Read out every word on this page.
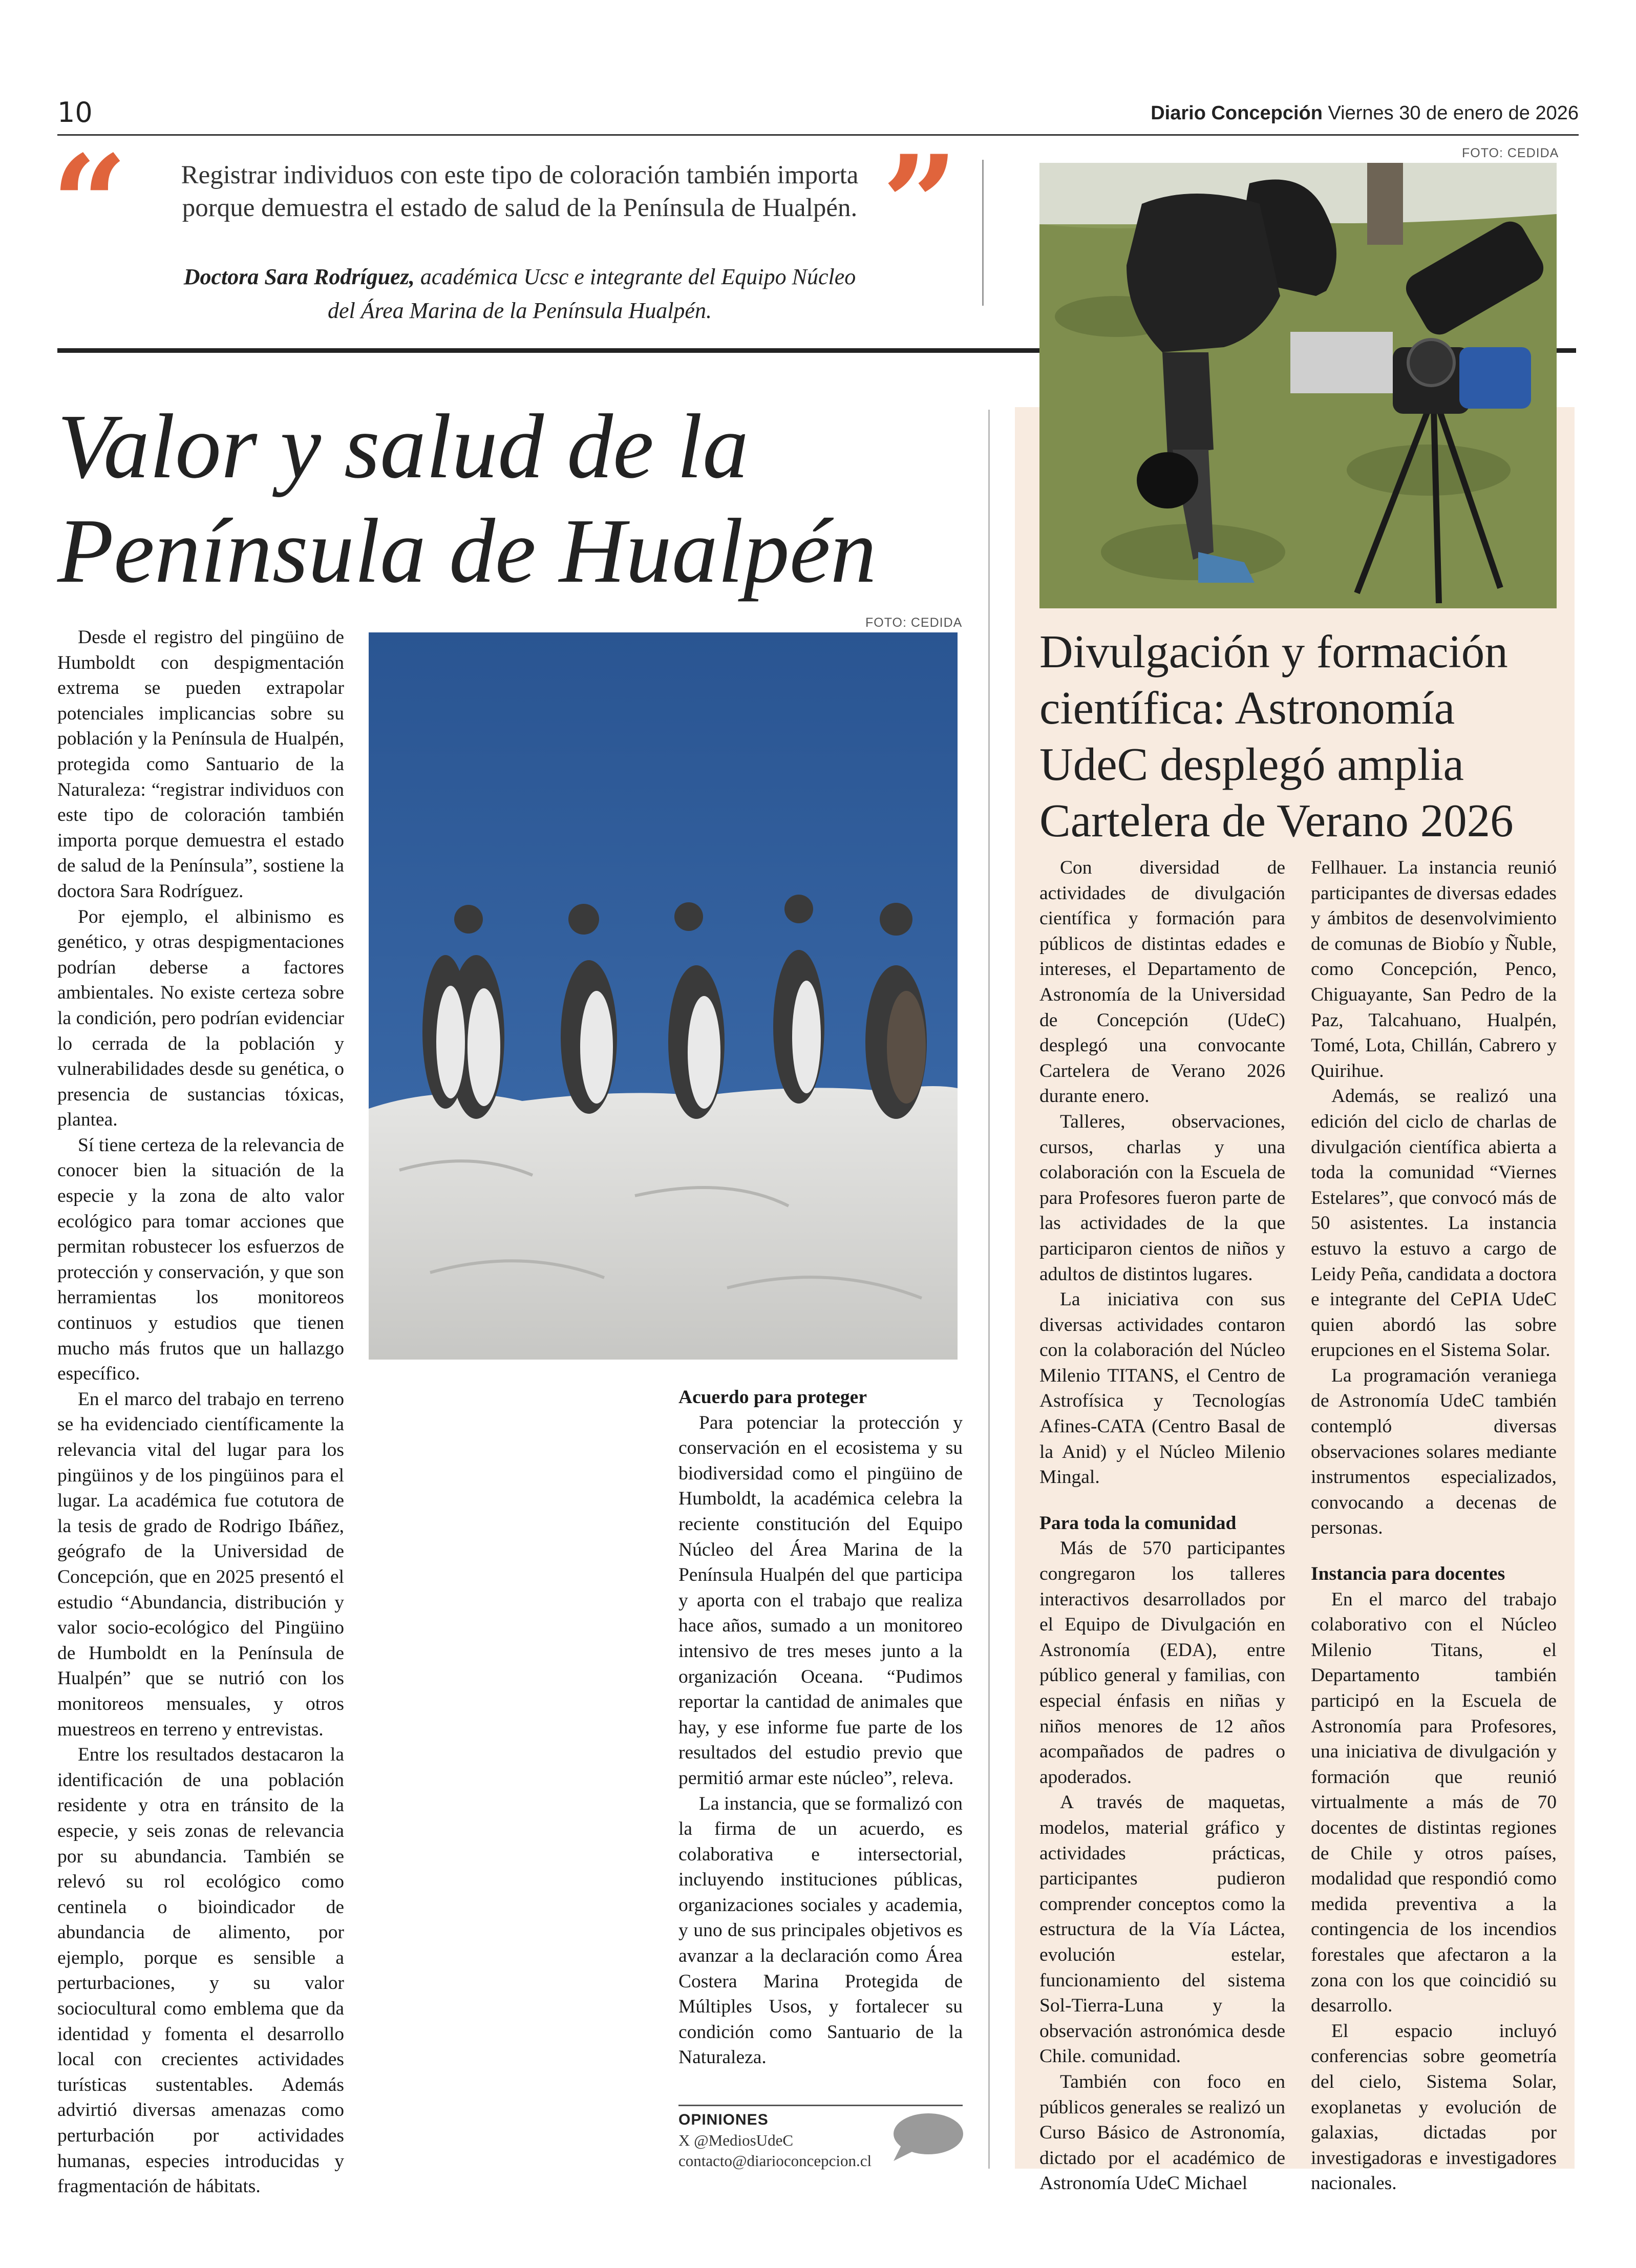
10	Diario Concepción Viernes 30 de enero de 2026
“	”
Registrar individuos con este tipo de coloración también importa porque demuestra el estado de salud de la Península de Hualpén.
Doctora Sara Rodríguez, académica Ucsc e integrante del Equipo Núcleo
del Área Marina de la Península Hualpén.
Valor y salud de la
Península de Hualpén
FOTO: CEDIDA

Desde el registro del pingüino de Humboldt con despigmentación extrema se pueden extrapolar potenciales implicancias sobre su población y la Península de Hualpén, protegida como Santuario de la Naturaleza: “registrar individuos con este tipo de coloración también importa porque demuestra el estado de salud de la Península”, sostiene la doctora Sara Rodríguez.

Por ejemplo, el albinismo es genético, y otras despigmentaciones podrían deberse a factores ambientales. No existe certeza sobre la condición, pero podrían evidenciar lo cerrada de la población y vulnerabilidades desde su genética, o presencia de sustancias tóxicas, plantea.

Sí tiene certeza de la relevancia de conocer bien la situación de la especie y la zona de alto valor ecológico para tomar acciones que permitan robustecer los esfuerzos de protección y conservación, y que son herramientas los monitoreos continuos y estudios que tienen mucho más frutos que un hallazgo específico.

En el marco del trabajo en terreno se ha evidenciado científicamente la relevancia vital del lugar para los pingüinos y de los pingüinos para el lugar. La académica fue cotutora de la tesis de grado de Rodrigo Ibáñez, geógrafo de la Universidad de Concepción, que en 2025 presentó el estudio “Abundancia, distribución y valor socio-ecológico del Pingüino de Humboldt en la Península de Hualpén” que se nutrió con los monitoreos mensuales, y otros muestreos en terreno y entrevistas.

Entre los resultados destacaron la identificación de una población residente y otra en tránsito de la especie, y seis zonas de relevancia por su abundancia. También se relevó su rol ecológico como centinela o bioindicador de abundancia de alimento, por ejemplo, porque es sensible a perturbaciones, y su valor sociocultural como emblema que da identidad y fomenta el desarrollo local con crecientes actividades turísticas sustentables. Además advirtió diversas amenazas como perturbación por actividades humanas, especies introducidas y fragmentación de hábitats.

Acuerdo para proteger

Para potenciar la protección y conservación en el ecosistema y su biodiversidad como el pingüino de Humboldt, la académica celebra la reciente constitución del Equipo Núcleo del Área Marina de la Península Hualpén del que participa y aporta con el trabajo que realiza hace años, sumado a un monitoreo intensivo de tres meses junto a la organización Oceana. “Pudimos reportar la cantidad de animales que hay, y ese informe fue parte de los resultados del estudio previo que permitió armar este núcleo”, releva.

La instancia, que se formalizó con la firma de un acuerdo, es colaborativa e intersectorial, incluyendo instituciones públicas, organizaciones sociales y academia, y uno de sus principales objetivos es avanzar a la declaración como Área Costera Marina Protegida de Múltiples Usos, y fortalecer su condición como Santuario de la Naturaleza.

OPINIONES
X @MediosUdeC
contacto@diarioconcepcion.cl
FOTO: CEDIDA
Divulgación y formación científica: Astronomía UdeC desplegó amplia Cartelera de Verano 2026

Con diversidad de actividades de divulgación científica y formación para públicos de distintas edades e intereses, el Departamento de Astronomía de la Universidad de Concepción (UdeC) desplegó una convocante Cartelera de Verano 2026 durante enero.

Talleres, observaciones, cursos, charlas y una colaboración con la Escuela de para Profesores fueron parte de las actividades de la que participaron cientos de niños y adultos de distintos lugares.

La iniciativa con sus diversas actividades contaron con la colaboración del Núcleo Milenio TITANS, el Centro de Astrofísica y Tecnologías Afines-CATA (Centro Basal de la Anid) y el Núcleo Milenio Mingal.

Para toda la comunidad

Más de 570 participantes congregaron los talleres interactivos desarrollados por el Equipo de Divulgación en Astronomía (EDA), entre público general y familias, con especial énfasis en niñas y niños menores de 12 años acompañados de padres o apoderados.

A través de maquetas, modelos, material gráfico y actividades prácticas, participantes pudieron comprender conceptos como la estructura de la Vía Láctea, evolución estelar, funcionamiento del sistema Sol-Tierra-Luna y la observación astronómica desde Chile. comunidad.

También con foco en públicos generales se realizó un Curso Básico de Astronomía, dictado por el académico de Astronomía UdeC Michael

Fellhauer. La instancia reunió participantes de diversas edades y ámbitos de desenvolvimiento de comunas de Biobío y Ñuble, como Concepción, Penco, Chiguayante, San Pedro de la Paz, Talcahuano, Hualpén, Tomé, Lota, Chillán, Cabrero y Quirihue.

Además, se realizó una edición del ciclo de charlas de divulgación científica abierta a toda la comunidad “Viernes Estelares”, que convocó más de 50 asistentes. La instancia estuvo la estuvo a cargo de Leidy Peña, candidata a doctora e integrante del CePIA UdeC quien abordó las sobre erupciones en el Sistema Solar.

La programación veraniega de Astronomía UdeC también contempló diversas observaciones solares mediante instrumentos especializados, convocando a decenas de personas.

Instancia para docentes

En el marco del trabajo colaborativo con el Núcleo Milenio Titans, el Departamento también participó en la Escuela de Astronomía para Profesores, una iniciativa de divulgación y formación que reunió virtualmente a más de 70 docentes de distintas regiones de Chile y otros países, modalidad que respondió como medida preventiva a la contingencia de los incendios forestales que afectaron a la zona con los que coincidió su desarrollo.

El espacio incluyó conferencias sobre geometría del cielo, Sistema Solar, exoplanetas y evolución de galaxias, dictadas por investigadoras e investigadores nacionales.
